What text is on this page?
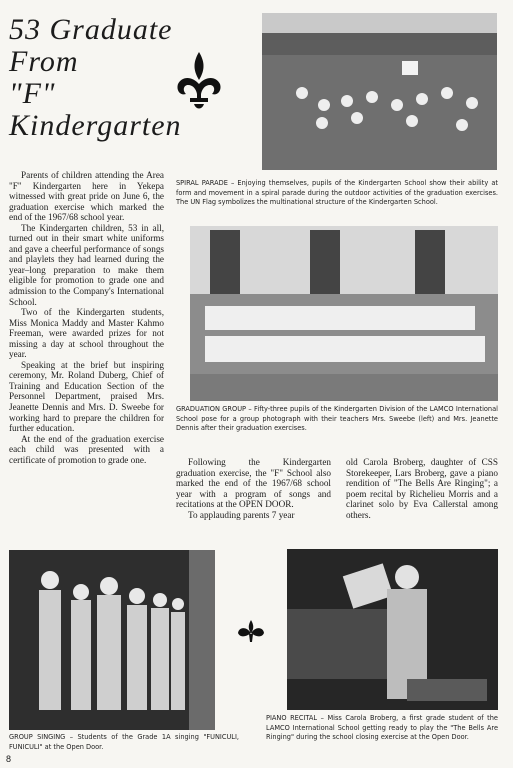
53 Graduate
From
"F"
Kindergarten
SPIRAL PARADE – Enjoying themselves, pupils of the Kindergarten School show their ability at form and movement in a spiral parade during the outdoor activities of the graduation exercises. The UN Flag symbolizes the multinational structure of the Kindergarten School.
GRADUATION GROUP – Fifty-three pupils of the Kindergarten Division of the LAMCO International School pose for a group photograph with their teachers Mrs. Sweebe (left) and Mrs. Jeanette Dennis after their graduation exercises.

Parents of children attending the Area "F" Kindergarten here in Yekepa witnessed with great pride on June 6, the graduation exercise which marked the end of the 1967/68 school year.

The Kindergarten children, 53 in all, turned out in their smart white uniforms and gave a cheerful performance of songs and playlets they had learned during the year–long preparation to make them eligible for promotion to grade one and admission to the Company's International School.

Two of the Kindergarten students, Miss Monica Maddy and Master Kahmo Freeman, were awarded prizes for not missing a day at school throughout the year.

Speaking at the brief but inspiring ceremony, Mr. Roland Duberg, Chief of Training and Education Section of the Personnel Department, praised Mrs. Jeanette Dennis and Mrs. D. Sweebe for working hard to prepare the children for further education.

At the end of the graduation exercise each child was presented with a certificate of promotion to grade one.	Following the Kindergarten graduation exercise, the "F" School also marked the end of the 1967/68 school year with a program of songs and recitations at the OPEN DOOR.

To applauding parents 7 year

old Carola Broberg, daughter of CSS Storekeeper, Lars Broberg, gave a piano rendition of "The Bells Are Ringing"; a poem recital by Richelieu Morris and a clarinet solo by Eva Callerstal among others.

GROUP SINGING – Students of the Grade 1A singing "FUNICULI, FUNICULI" at the Open Door.
PIANO RECITAL – Miss Carola Broberg, a first grade student of the LAMCO International School getting ready to play the "The Bells Are Ringing" during the school closing exercise at the Open Door.
8
